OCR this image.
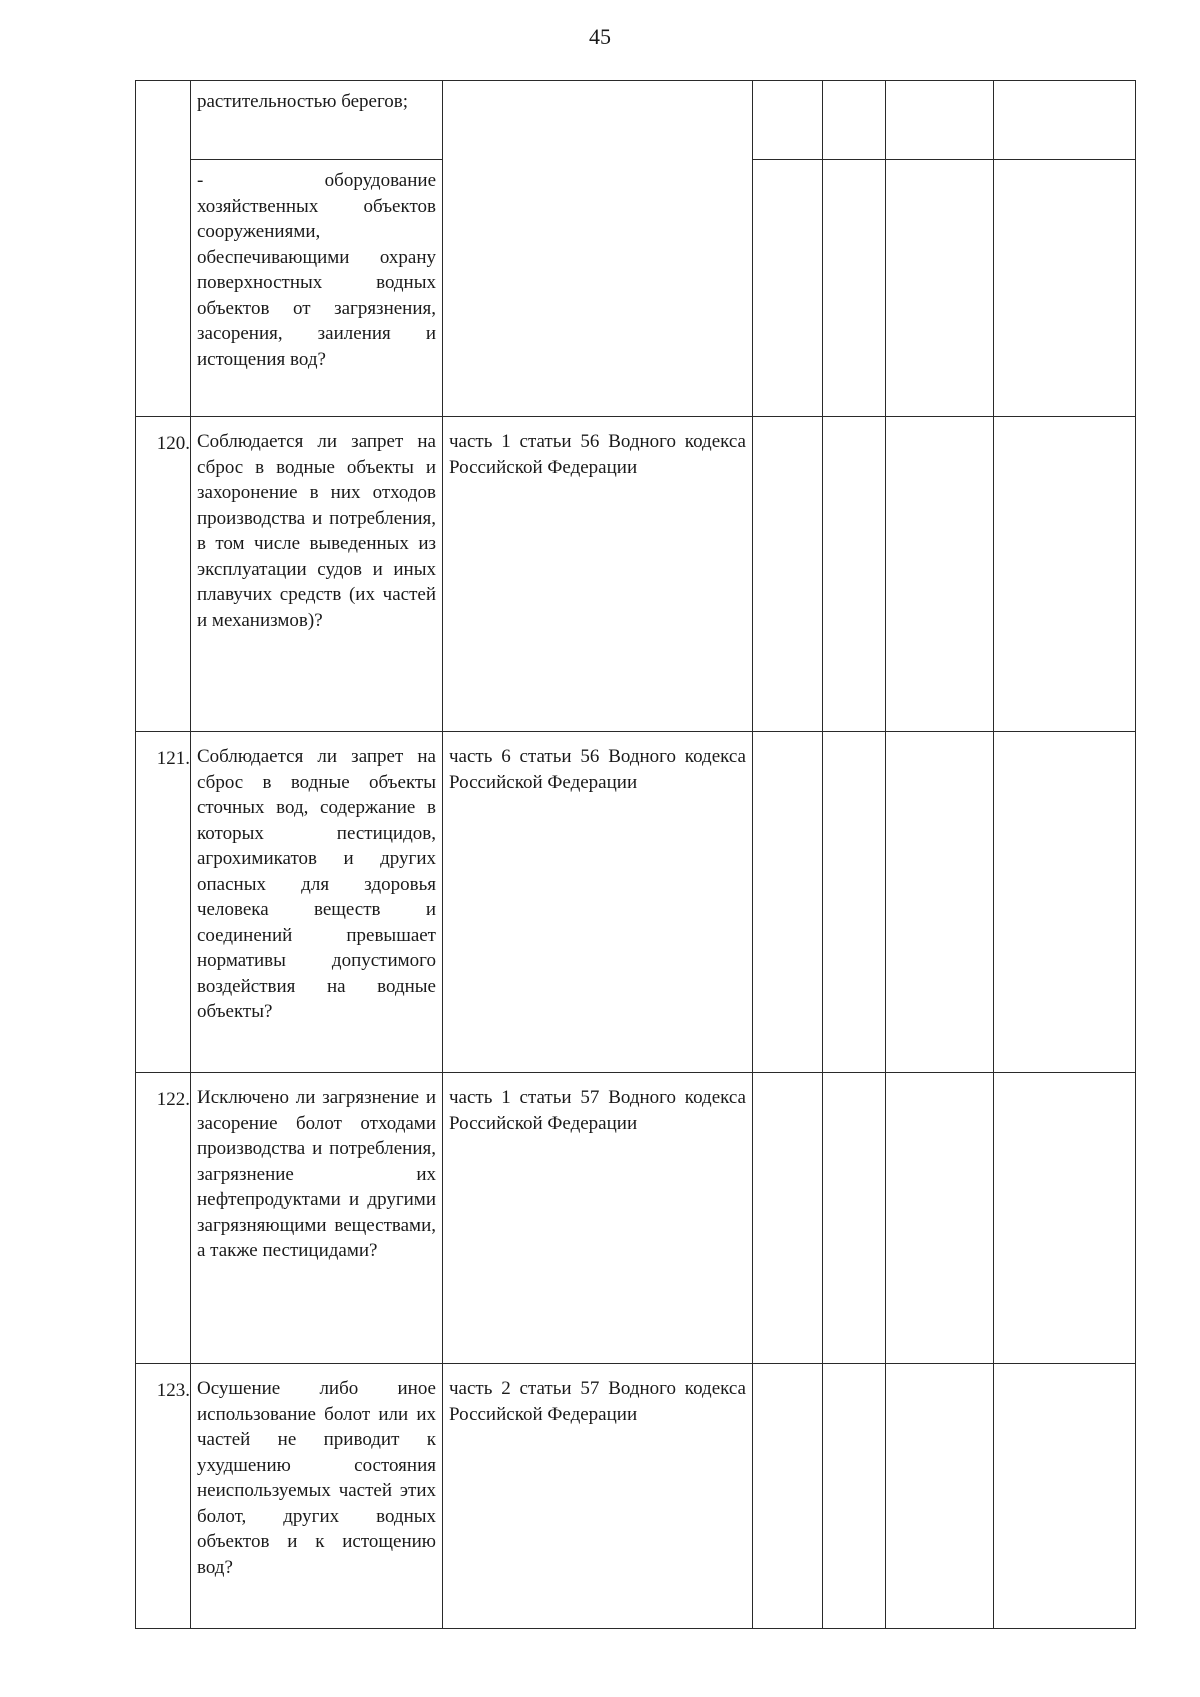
45

	растительностью берегов;					

	-               оборудование
хозяйственных объектов сооружениями, обеспечивающими охрану поверхностных водных объектов от загрязнения, засорения, заиления и истощения вод?					

120.	Соблюдается ли запрет на сброс в водные объекты и захоронение в них отходов производства и потребления, в том числе выведенных из эксплуатации судов и иных плавучих средств (их частей и механизмов)?	часть 1 статьи 56 Водного кодекса Российской Федерации				

121.	Соблюдается ли запрет на сброс в водные объекты сточных вод, содержание в которых пестицидов, агрохимикатов и других опасных для здоровья человека веществ и соединений превышает нормативы допустимого воздействия на водные объекты?	часть 6 статьи 56 Водного кодекса Российской Федерации				

122.	Исключено ли загрязнение и засорение болот отходами производства и потребления, загрязнение их нефтепродуктами и другими загрязняющими веществами, а также пестицидами?	часть 1 статьи 57 Водного кодекса Российской Федерации				

123.	Осушение либо иное использование болот или их частей не приводит к ухудшению состояния неиспользуемых частей этих болот, других водных объектов и к истощению вод?	часть 2 статьи 57 Водного кодекса Российской Федерации				
